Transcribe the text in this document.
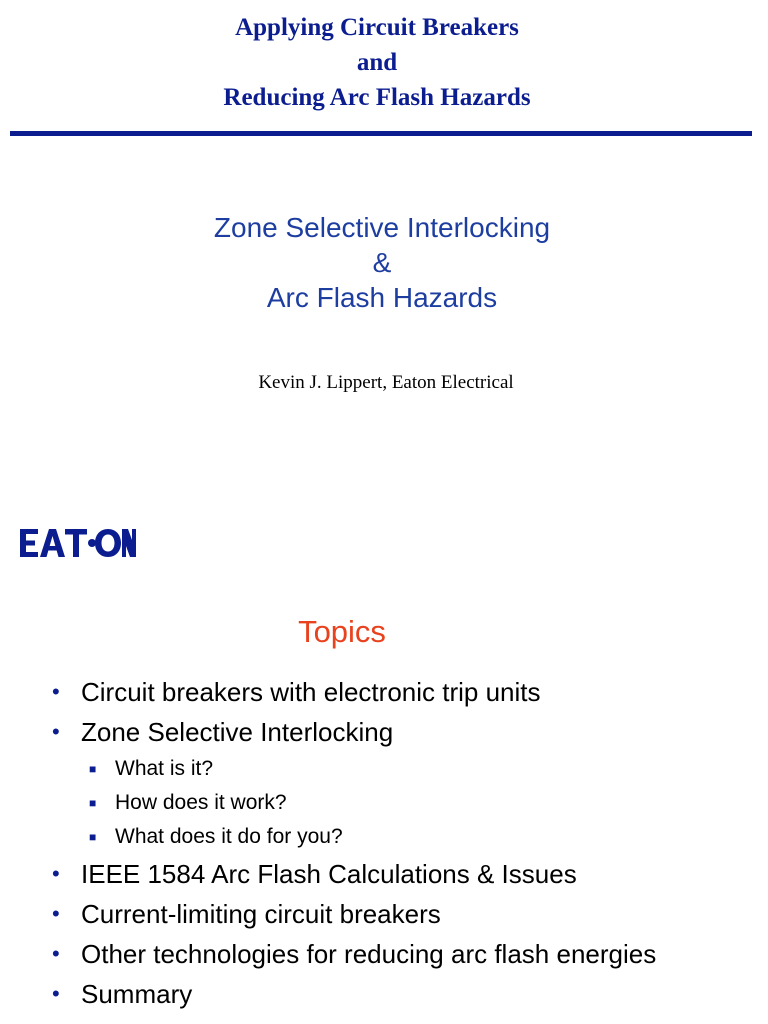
Applying Circuit Breakers
and
Reducing Arc Flash Hazards
Zone Selective Interlocking
&
Arc Flash Hazards
Kevin J. Lippert, Eaton Electrical
Topics
• Circuit breakers with electronic trip units
• Zone Selective Interlocking
■ What is it?
■ How does it work?
■ What does it do for you?
• IEEE 1584 Arc Flash Calculations & Issues
• Current-limiting circuit breakers
• Other technologies for reducing arc flash energies
• Summary
